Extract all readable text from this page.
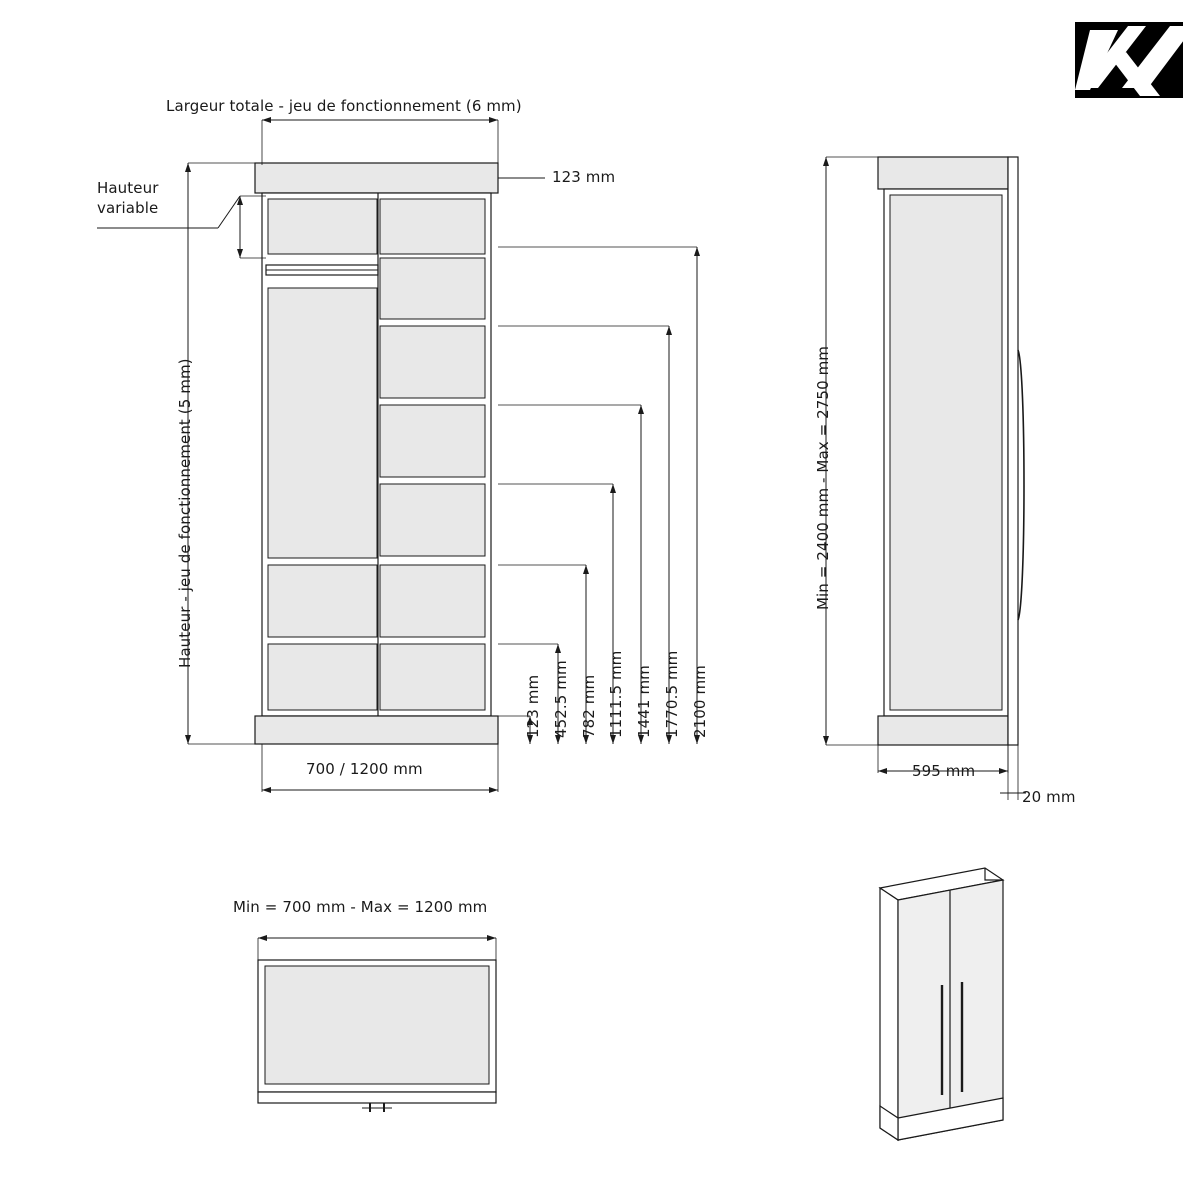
Largeur totale - jeu de fonctionnement (6 mm)
123 mm
Hauteur variable
Hauteur - jeu de fonctionnement (5 mm)
700 / 1200 mm
123 mm 452.5 mm 782 mm 1111.5 mm 1441 mm 1770.5 mm 2100 mm
Min = 2400 mm - Max = 2750 mm
595 mm
20 mm
Min = 700 mm - Max = 1200 mm
